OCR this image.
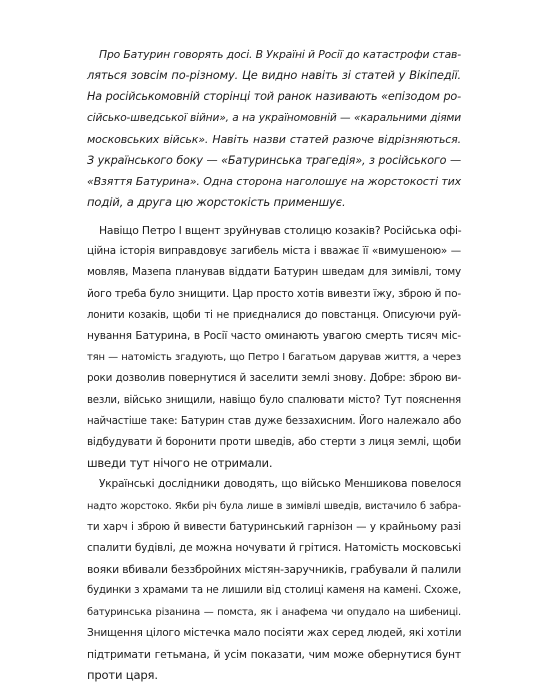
Про Батурин говорять досі. В Україні й Росії до катастрофи став-
ляться зовсім по-різному. Це видно навіть зі статей у Вікіпедії.
На російськомовній сторінці той ранок називають «епізодом ро-
сійсько-шведської війни», а на україномовній — «каральними діями
московських військ». Навіть назви статей разюче відрізняються.
З українського боку — «Батуринська трагедія», з російського —
«Взяття Батурина». Одна сторона наголошує на жорстокості тих
подій, а друга цю жорстокість применшує.
Навіщо Петро І вщент зруйнував столицю козаків? Російська офі-
ційна історія виправдовує загибель міста і вважає її «вимушеною» —
мовляв, Мазепа планував віддати Батурин шведам для зимівлі, тому
його треба було знищити. Цар просто хотів вивезти їжу, зброю й по-
лонити козаків, щоби ті не приєдналися до повстанця. Описуючи руй-
нування Батурина, в Росії часто оминають увагою смерть тисяч міс-
тян — натомість згадують, що Петро І багатьом дарував життя, а через
роки дозволив повернутися й заселити землі знову. Добре: зброю ви-
везли, військо знищили, навіщо було спалювати місто? Тут пояснення
найчастіше таке: Батурин став дуже беззахисним. Його належало або
відбудувати й боронити проти шведів, або стерти з лиця землі, щоби
шведи тут нічого не отримали.
Українські дослідники доводять, що військо Меншикова повелося
надто жорстоко. Якби річ була лише в зимівлі шведів, вистачило б забра-
ти харч і зброю й вивести батуринський гарнізон — у крайньому разі
спалити будівлі, де можна ночувати й грітися. Натомість московські
вояки вбивали беззбройних містян-заручників, грабували й палили
будинки з храмами та не лишили від столиці каменя на камені. Схоже,
батуринська різанина — помста, як і анафема чи опудало на шибениці.
Знищення цілого містечка мало посіяти жах серед людей, які хотіли
підтримати гетьмана, й усім показати, чим може обернутися бунт
проти царя.
